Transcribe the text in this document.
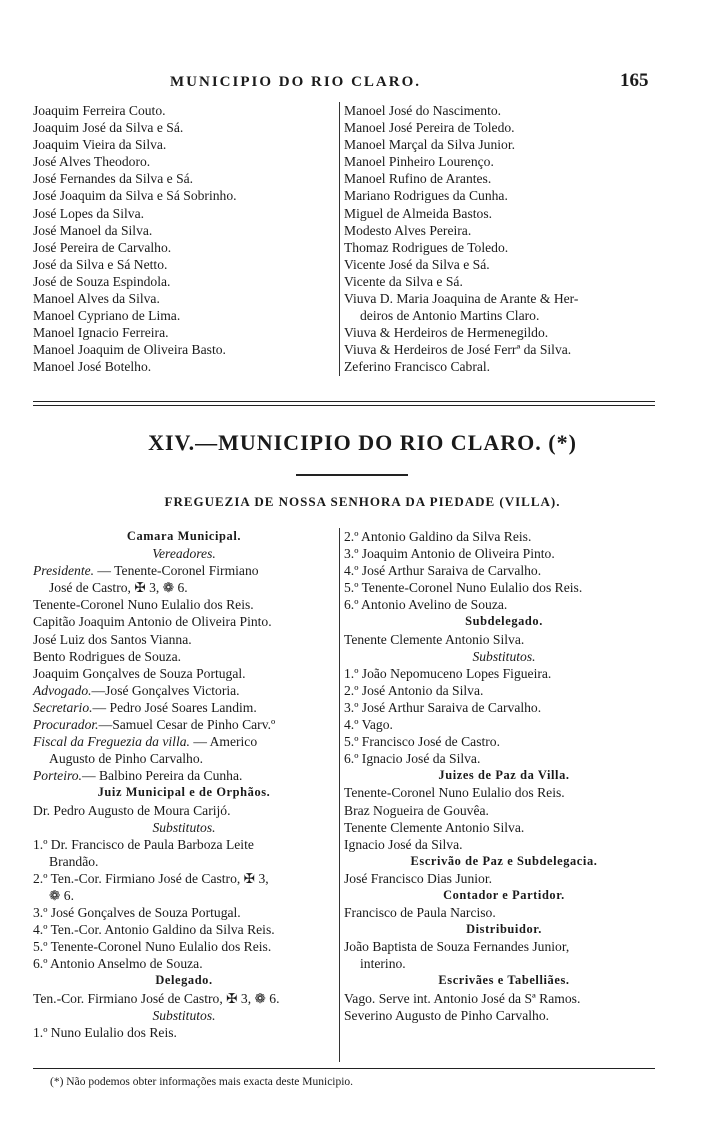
MUNICIPIO DO RIO CLARO.	165
Joaquim Ferreira Couto.
Joaquim José da Silva e Sá.
Joaquim Vieira da Silva.
José Alves Theodoro.
José Fernandes da Silva e Sá.
José Joaquim da Silva e Sá Sobrinho.
José Lopes da Silva.
José Manoel da Silva.
José Pereira de Carvalho.
José da Silva e Sá Netto.
José de Souza Espindola.
Manoel Alves da Silva.
Manoel Cypriano de Lima.
Manoel Ignacio Ferreira.
Manoel Joaquim de Oliveira Basto.
Manoel José Botelho.
Manoel José do Nascimento.
Manoel José Pereira de Toledo.
Manoel Marçal da Silva Junior.
Manoel Pinheiro Lourenço.
Manoel Rufino de Arantes.
Mariano Rodrigues da Cunha.
Miguel de Almeida Bastos.
Modesto Alves Pereira.
Thomaz Rodrigues de Toledo.
Vicente José da Silva e Sá.
Vicente da Silva e Sá.
Viuva D. Maria Joaquina de Arante & Her-
deiros de Antonio Martins Claro.
Viuva & Herdeiros de Hermenegildo.
Viuva & Herdeiros de José Ferrª da Silva.
Zeferino Francisco Cabral.
XIV.—MUNICIPIO DO RIO CLARO. (*)
FREGUEZIA DE NOSSA SENHORA DA PIEDADE (VILLA).
Camara Municipal.
Vereadores.
Presidente. — Tenente-Coronel Firmiano
José de Castro, ✠ 3, ❁ 6.
Tenente-Coronel Nuno Eulalio dos Reis.
Capitão Joaquim Antonio de Oliveira Pinto.
José Luiz dos Santos Vianna.
Bento Rodrigues de Souza.
Joaquim Gonçalves de Souza Portugal.
Advogado.—José Gonçalves Victoria.
Secretario.— Pedro José Soares Landim.
Procurador.—Samuel Cesar de Pinho Carv.º
Fiscal da Freguezia da villa. — Americo
Augusto de Pinho Carvalho.
Porteiro.— Balbino Pereira da Cunha.
Juiz Municipal e de Orphãos.
Dr. Pedro Augusto de Moura Carijó.
Substitutos.
1.º Dr. Francisco de Paula Barboza Leite
Brandão.
2.º Ten.-Cor. Firmiano José de Castro, ✠ 3,
❁ 6.
3.º José Gonçalves de Souza Portugal.
4.º Ten.-Cor. Antonio Galdino da Silva Reis.
5.º Tenente-Coronel Nuno Eulalio dos Reis.
6.º Antonio Anselmo de Souza.
Delegado.
Ten.-Cor. Firmiano José de Castro, ✠ 3, ❁ 6.
Substitutos.
1.º Nuno Eulalio dos Reis.
2.º Antonio Galdino da Silva Reis.
3.º Joaquim Antonio de Oliveira Pinto.
4.º José Arthur Saraiva de Carvalho.
5.º Tenente-Coronel Nuno Eulalio dos Reis.
6.º Antonio Avelino de Souza.
Subdelegado.
Tenente Clemente Antonio Silva.
Substitutos.
1.º João Nepomuceno Lopes Figueira.
2.º José Antonio da Silva.
3.º José Arthur Saraiva de Carvalho.
4.º Vago.
5.º Francisco José de Castro.
6.º Ignacio José da Silva.
Juizes de Paz da Villa.
Tenente-Coronel Nuno Eulalio dos Reis.
Braz Nogueira de Gouvêa.
Tenente Clemente Antonio Silva.
Ignacio José da Silva.
Escrivão de Paz e Subdelegacia.
José Francisco Dias Junior.
Contador e Partidor.
Francisco de Paula Narciso.
Distribuidor.
João Baptista de Souza Fernandes Junior,
interino.
Escrivães e Tabelliães.
Vago. Serve int. Antonio José da Sª Ramos.
Severino Augusto de Pinho Carvalho.
(*) Não podemos obter informações mais exacta deste Municipio.
